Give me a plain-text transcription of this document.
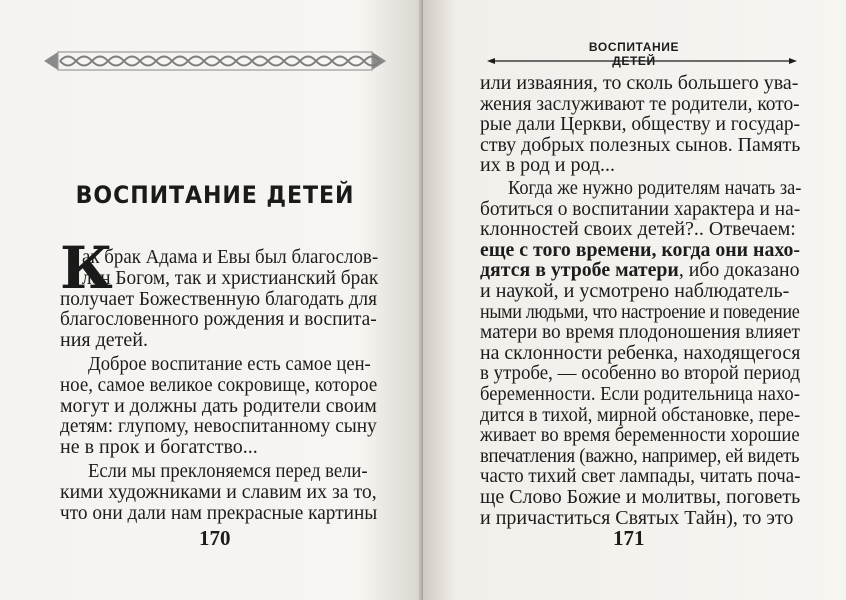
ВОСПИТАНИЕ ДЕТЕЙ
К
ак брак Адама и Евы был благослов-
лен Богом, так и христианский брак
получает Божественную благодать для
благословенного рождения и воспита-
ния детей.
Доброе воспитание есть самое цен-
ное, самое великое сокровище, которое
могут и должны дать родители своим
детям: глупому, невоспитанному сыну
не в прок и богатство...
Если мы преклоняемся перед вели-
кими художниками и славим их за то,
что они дали нам прекрасные картины
170
ВОСПИТАНИЕ ДЕТЕЙ
или изваяния, то сколь большего ува-
жения заслуживают те родители, кото-
рые дали Церкви, обществу и государ-
ству добрых полезных сынов. Память
их в род и род...
Когда же нужно родителям начать за-
ботиться о воспитании характера и на-
клонностей своих детей?.. Отвечаем:
еще с того времени, когда они нахо-
дятся в утробе матери, ибо доказано
и наукой, и усмотрено наблюдатель-
ными людьми, что настроение и поведение
матери во время плодоношения влияет
на склонности ребенка, находящегося
в утробе, — особенно во второй период
беременности. Если родительница нахо-
дится в тихой, мирной обстановке, пере-
живает во время беременности хорошие
впечатления (важно, например, ей видеть
часто тихий свет лампады, читать поча-
ще Слово Божие и молитвы, поговеть
и причаститься Святых Тайн), то это
171
